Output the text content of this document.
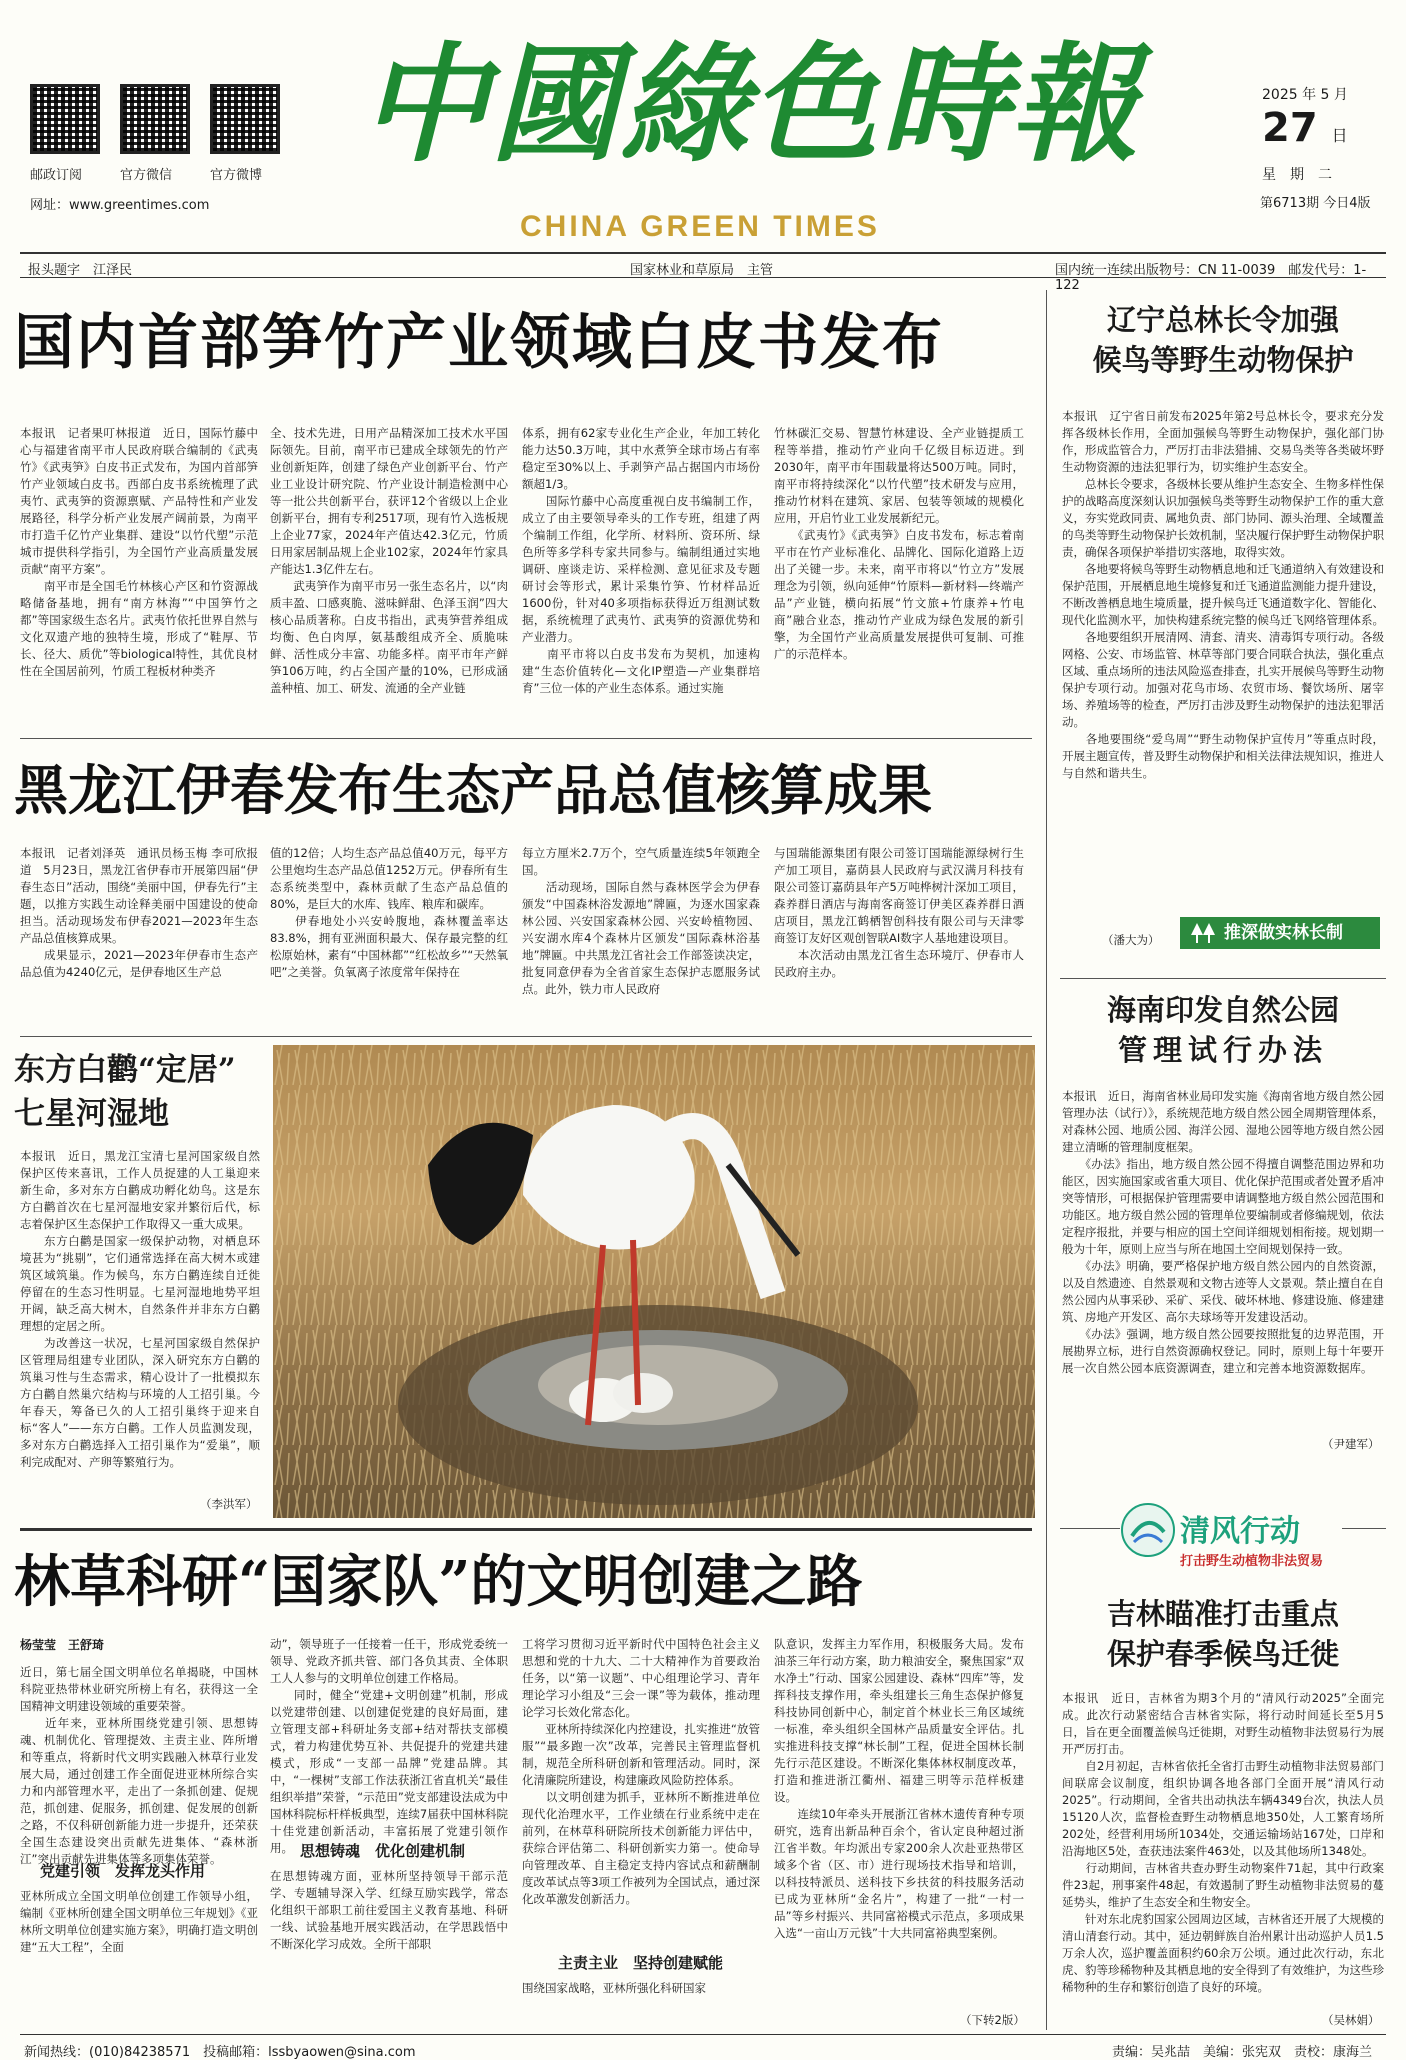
邮政订阅	官方微信	官方微博
网址：www.greentimes.com
中國綠色時報
CHINA GREEN TIMES
2025 年 5 月
27 日
星　期　二
第6713期 今日4版
报头题字　江泽民	国家林业和草原局　主管	国内统一连续出版物号：CN 11-0039　邮发代号：1-122
国内首部笋竹产业领域白皮书发布
本报讯　记者果叮林报道　近日，国际竹藤中心与福建省南平市人民政府联合编制的《武夷竹》《武夷笋》白皮书正式发布，为国内首部笋竹产业领域白皮书。西部白皮书系统梳理了武夷竹、武夷笋的资源禀赋、产品特性和产业发展路径，科学分析产业发展产阔前景，为南平市打造千亿竹产业集群、建设“以竹代塑”示范城市提供科学指引，为全国竹产业高质量发展贡献“南平方案”。
　　南平市是全国毛竹林核心产区和竹资源战略储备基地，拥有“南方林海”“中国笋竹之都”等国家级生态名片。武夷竹依托世界自然与文化双遗产地的独特生境，形成了“鞋厚、节长、径大、质优”等biological特性，其优良材性在全国居前列，竹质工程板材种类齐
全、技术先进，日用产品精深加工技术水平国际领先。目前，南平市已建成全球领先的竹产业创新矩阵，创建了绿色产业创新平台、竹产业工业设计研究院、竹产业设计制造检测中心等一批公共创新平台，获评12个省级以上企业创新平台，拥有专利2517项，现有竹入选板规上企业77家，2024年产值达42.3亿元，竹质日用家居制品规上企业102家，2024年竹家具产能达1.3亿件左右。
　　武夷笋作为南平市另一张生态名片，以“肉质丰盈、口感爽脆、滋味鲜甜、色泽玉润”四大核心品质著称。白皮书指出，武夷笋营养组成均衡、色白肉厚，氨基酸组成齐全、质脆味鲜、活性成分丰富、功能多样。南平市年产鲜笋106万吨，约占全国产量的10%，已形成涵盖种植、加工、研发、流通的全产业链
体系，拥有62家专业化生产企业，年加工转化能力达50.3万吨，其中水煮笋全球市场占有率稳定至30%以上、手剥笋产品占据国内市场份额超1/3。
　　国际竹藤中心高度重视白皮书编制工作，成立了由主要领导牵头的工作专班，组建了两个编制工作组，化学所、材料所、资环所、绿色所等多学科专家共同参与。编制组通过实地调研、座谈走访、采样检测、意见征求及专题研讨会等形式，累计采集竹笋、竹材样品近1600份，针对40多项指标获得近万组测试数据，系统梳理了武夷竹、武夷笋的资源优势和产业潜力。
　　南平市将以白皮书发布为契机，加速构建“生态价值转化—文化IP塑造—产业集群培育”三位一体的产业生态体系。通过实施
竹林碳汇交易、智慧竹林建设、全产业链提质工程等举措，推动竹产业向千亿级目标迈进。到2030年，南平市年围载量将达500万吨。同时，南平市将持续深化“以竹代塑”技术研发与应用，推动竹材料在建筑、家居、包装等领域的规模化应用，开启竹业工业发展新纪元。
　　《武夷竹》《武夷笋》白皮书发布，标志着南平市在竹产业标准化、品牌化、国际化道路上迈出了关键一步。未来，南平市将以“竹立方”发展理念为引领，纵向延伸“竹原料—新材料—终端产品”产业链，横向拓展“竹文旅+竹康养+竹电商”融合业态，推动竹产业成为绿色发展的新引擎，为全国竹产业高质量发展提供可复制、可推广的示范样本。
黑龙江伊春发布生态产品总值核算成果
本报讯　记者刘泽英　通讯员杨玉梅 李可欣报道　5月23日，黑龙江省伊春市开展第四届“伊春生态日”活动，围绕“美丽中国，伊春先行”主题，以推方实践生动诠释美丽中国建设的使命担当。活动现场发布伊春2021—2023年生态产品总值核算成果。
　　成果显示，2021—2023年伊春市生态产品总值为4240亿元，是伊春地区生产总
值的12倍；人均生态产品总值40万元，每平方公里炮均生态产品总值1252万元。伊春所有生态系统类型中，森林贡献了生态产品总值的80%，是巨大的水库、钱库、粮库和碳库。
　　伊春地处小兴安岭腹地，森林覆盖率达83.8%，拥有亚洲面积最大、保存最完整的红松原始林，素有“中国林都”“红松故乡”“天然氧吧”之美誉。负氧离子浓度常年保持在
每立方厘米2.7万个，空气质量连续5年领跑全国。
　　活动现场，国际自然与森林医学会为伊春颁发“中国森林浴发源地”牌匾，为逐水国家森林公园、兴安国家森林公园、兴安岭植物园、兴安湖水库4个森林片区颁发“国际森林浴基地”牌匾。中共黑龙江省社会工作部签读决定，批复同意伊春为全省首家生态保护志愿服务试点。此外，铁力市人民政府
与国瑞能源集团有限公司签订国瑞能源绿树行生产加工项目，嘉荫县人民政府与武汉满月科技有限公司签订嘉荫县年产5万吨桦树汁深加工项目，森养群日酒店与海南客商签订伊美区森养群日酒店项目，黑龙江鹤栖智创科技有限公司与天津零商签订友好区观创智联AI数字人基地建设项目。
　　本次活动由黑龙江省生态环境厅、伊春市人民政府主办。
东方白鹳“定居”
七星河湿地
本报讯　近日，黑龙江宝清七星河国家级自然保护区传来喜讯，工作人员捉建的人工巢迎来新生命，多对东方白鹳成功孵化幼鸟。这是东方白鹳首次在七星河湿地安家并繁衍后代，标志着保护区生态保护工作取得又一重大成果。
　　东方白鹳是国家一级保护动物，对栖息环境甚为“挑剔”，它们通常选择在高大树木或建筑区域筑巢。作为候鸟，东方白鹳连续自迁徙停留在的生态习性明显。七星河湿地地势平坦开阔，缺乏高大树木，自然条件并非东方白鹳理想的定居之所。
　　为改善这一状况，七星河国家级自然保护区管理局组建专业团队，深入研究东方白鹳的筑巢习性与生态需求，精心设计了一批模拟东方白鹳自然巢穴结构与环境的人工招引巢。今年春天，筹备已久的人工招引巢终于迎来自标“客人”——东方白鹳。工作人员监测发现，多对东方白鹳选择入工招引巢作为“爱巢”，顺利完成配对、产卵等繁殖行为。
（李洪军）
林草科研“国家队”的文明创建之路
杨莹莹　王舒琦
近日，第七届全国文明单位名单揭晓，中国林科院亚热带林业研究所榜上有名，获得这一全国精神文明建设领域的重要荣誉。
　　近年来，亚林所围绕党建引领、思想铸魂、机制优化、管理提效、主责主业、阵所增和等重点，将新时代文明实践融入林草行业发展大局，通过创建工作全面促进亚林所综合实力和内部管理水平，走出了一条抓创建、促规范，抓创建、促服务，抓创建、促发展的创新之路，不仅科研创新能力进一步提升，还荣获全国生态建设突出贡献先进集体、“森林浙江”突出贡献先进集体等多项集体荣誉。
党建引领　发挥龙头作用
亚林所成立全国文明单位创建工作领导小组，编制《亚林所创建全国文明单位三年规划》《亚林所文明单位创建实施方案》，明确打造文明创建“五大工程”，全面
动”，领导班子一任接着一任干，形成党委统一领导、党政齐抓共管、部门各负其责、全体职工人人参与的文明单位创建工作格局。
　　同时，健全“党建+文明创建”机制，形成以党建带创建、以创建促党建的良好局面，建立管理支部+科研址务支部+结对帮扶支部模式，着力构建优势互补、共促提升的党建共建模式，形成“一支部一品牌”党建品牌。其中，“一棵树”支部工作法获浙江省直机关“最佳组织举措”荣誉，“示范田”党支部建设法成为中国林科院标杆样板典型，连续7届获中国林科院十佳党建创新活动，丰富拓展了党建引领作用。 思想铸魂　优化创建机制
在思想铸魂方面，亚林所坚持领导干部示范学、专题辅导深入学、红绿互励实践学，常态化组织干部职工前往爱国主义教育基地、科研一线、试验基地开展实践活动，在学思践悟中不断深化学习成效。全所干部职
工将学习贯彻习近平新时代中国特色社会主义思想和党的十九大、二十大精神作为首要政治任务，以“第一议题”、中心组理论学习、青年理论学习小组及“三会一课”等为载体，推动理论学习长效化常态化。
　　亚林所持续深化内控建设，扎实推进“放管服”“最多跑一次”改革，完善民主管理监督机制，规范全所科研创新和管理活动。同时，深化清廉院所建设，构建廉政风险防控体系。
　　以文明创建为抓手，亚林所不断推进单位现代化治理水平，工作业绩在行业系统中走在前列，在林草科研院所技术创新能力评估中，获综合评估第二、科研创新实力第一。使命导向管理改革、自主稳定支持内容试点和薪酬制度改革试点等3项工作被列为全国试点，通过深化改革激发创新活力。
主责主业　坚持创建赋能
围绕国家战略，亚林所强化科研国家
队意识，发挥主力军作用，积极服务大局。发布油茶三年行动方案，助力粮油安全，聚焦国家“双水净土”行动、国家公园建设、森林“四库”等，发挥科技支撑作用，牵头组建长三角生态保护修复科技协同创新中心，制定首个林业长三角区域统一标准，牵头组织全国林产品质量安全评估。扎实推进科技支撑“林长制”工程，促进全国林长制先行示范区建设。不断深化集体林权制度改革，打造和推进浙江衢州、福建三明等示范样板建设。
　　连续10年牵头开展浙江省林木遗传育种专项研究，选育出新品种百余个，省认定良种超过浙江省半数。年均派出专家200余人次赴亚热带区域多个省（区、市）进行现场技术指导和培训，以科技特派员、送科技下乡扶贫的科技服务活动已成为亚林所“金名片”，构建了一批“一村一品”等乡村振兴、共同富裕模式示范点，多项成果入选“一亩山万元钱”十大共同富裕典型案例。
（下转2版）
辽宁总林长令加强
候鸟等野生动物保护
本报讯　辽宁省日前发布2025年第2号总林长令，要求充分发挥各级林长作用，全面加强候鸟等野生动物保护，强化部门协作，形成监管合力，严厉打击非法猎捕、交易鸟类等各类破坏野生动物资源的违法犯罪行为，切实维护生态安全。
　　总林长令要求，各级林长要从维护生态安全、生物多样性保护的战略高度深刻认识加强候鸟类等野生动物保护工作的重大意义，夯实党政同责、属地负责、部门协同、源头治理、全域覆盖的鸟类等野生动物保护长效机制，坚决履行保护野生动物保护职责，确保各项保护举措切实落地，取得实效。
　　各地要将候鸟等野生动物栖息地和迁飞通道纳入有效建设和保护范围，开展栖息地生境修复和迁飞通道监测能力提升建设，不断改善栖息地生境质量，提升候鸟迁飞通道数字化、智能化、现代化监测水平，加快构建系统完整的候鸟迁飞网络管理体系。
　　各地要组织开展清网、清套、清夹、清毒饵专项行动。各级网格、公安、市场监管、林草等部门要合同联合执法，强化重点区域、重点场所的违法风险巡查排查，扎实开展候鸟等野生动物保护专项行动。加强对花鸟市场、农贸市场、餐饮场所、屠宰场、养殖场等的检查，严厉打击涉及野生动物保护的违法犯罪活动。
　　各地要围绕“爱鸟周”“野生动物保护宣传月”等重点时段，开展主题宣传，普及野生动物保护和相关法律法规知识，推进人与自然和谐共生。
（潘大为）	推深做实林长制
海南印发自然公园
管理试行办法
本报讯　近日，海南省林业局印发实施《海南省地方级自然公园管理办法（试行）》，系统规范地方级自然公园全周期管理体系，对森林公园、地质公园、海洋公园、湿地公园等地方级自然公园建立清晰的管理制度框架。
　　《办法》指出，地方级自然公园不得擅自调整范围边界和功能区，因实施国家或省重大项目、优化保护范围或者处置矛盾冲突等情形，可根据保护管理需要申请调整地方级自然公园范围和功能区。地方级自然公园的管理单位要编制或者修编规划，依法定程序报批，并要与相应的国土空间详细规划相衔接。规划期一般为十年，原则上应当与所在地国土空间规划保持一致。
　　《办法》明确，要严格保护地方级自然公园内的自然资源，以及自然遗迹、自然景观和文物古迹等人文景观。禁止擅自在自然公园内从事采砂、采矿、采伐、破坏林地、修建设施、修建建筑、房地产开发区、高尔夫球场等开发建设活动。
　　《办法》强调，地方级自然公园要按照批复的边界范围，开展勘界立标，进行自然资源确权登记。同时，原则上每十年要开展一次自然公园本底资源调查，建立和完善本地资源数据库。
（尹建军）
清风行动
打击野生动植物非法贸易
吉林瞄准打击重点
保护春季候鸟迁徙
本报讯　近日，吉林省为期3个月的“清风行动2025”全面完成。此次行动紧密结合吉林省实际，将行动时间延长至5月5日，旨在更全面覆盖候鸟迁徙期，对野生动植物非法贸易行为展开严厉打击。
　　自2月初起，吉林省依托全省打击野生动植物非法贸易部门间联席会议制度，组织协调各地各部门全面开展“清风行动2025”。行动期间，全省共出动执法车辆4349台次，执法人员15120人次，监督检查野生动物栖息地350处，人工繁育场所202处，经营利用场所1034处，交通运输场站167处，口岸和沿海地区5处，查获违法案件463处，以及其他场所1348处。
　　行动期间，吉林省共查办野生动物案件71起，其中行政案件23起，刑事案件48起，有效遏制了野生动植物非法贸易的蔓延势头，维护了生态安全和生物安全。
　　针对东北虎豹国家公园周边区域，吉林省还开展了大规模的清山清套行动。其中，延边朝鲜族自治州累计出动巡护人员1.5万余人次，巡护覆盖面积约60余万公顷。通过此次行动，东北虎、豹等珍稀物种及其栖息地的安全得到了有效维护，为这些珍稀物种的生存和繁衍创造了良好的环境。
（吴林娟）
新闻热线：(010)84238571　投稿邮箱：lssbyaowen@sina.com	责编：吴兆喆　美编：张宪双　责校：康海兰
